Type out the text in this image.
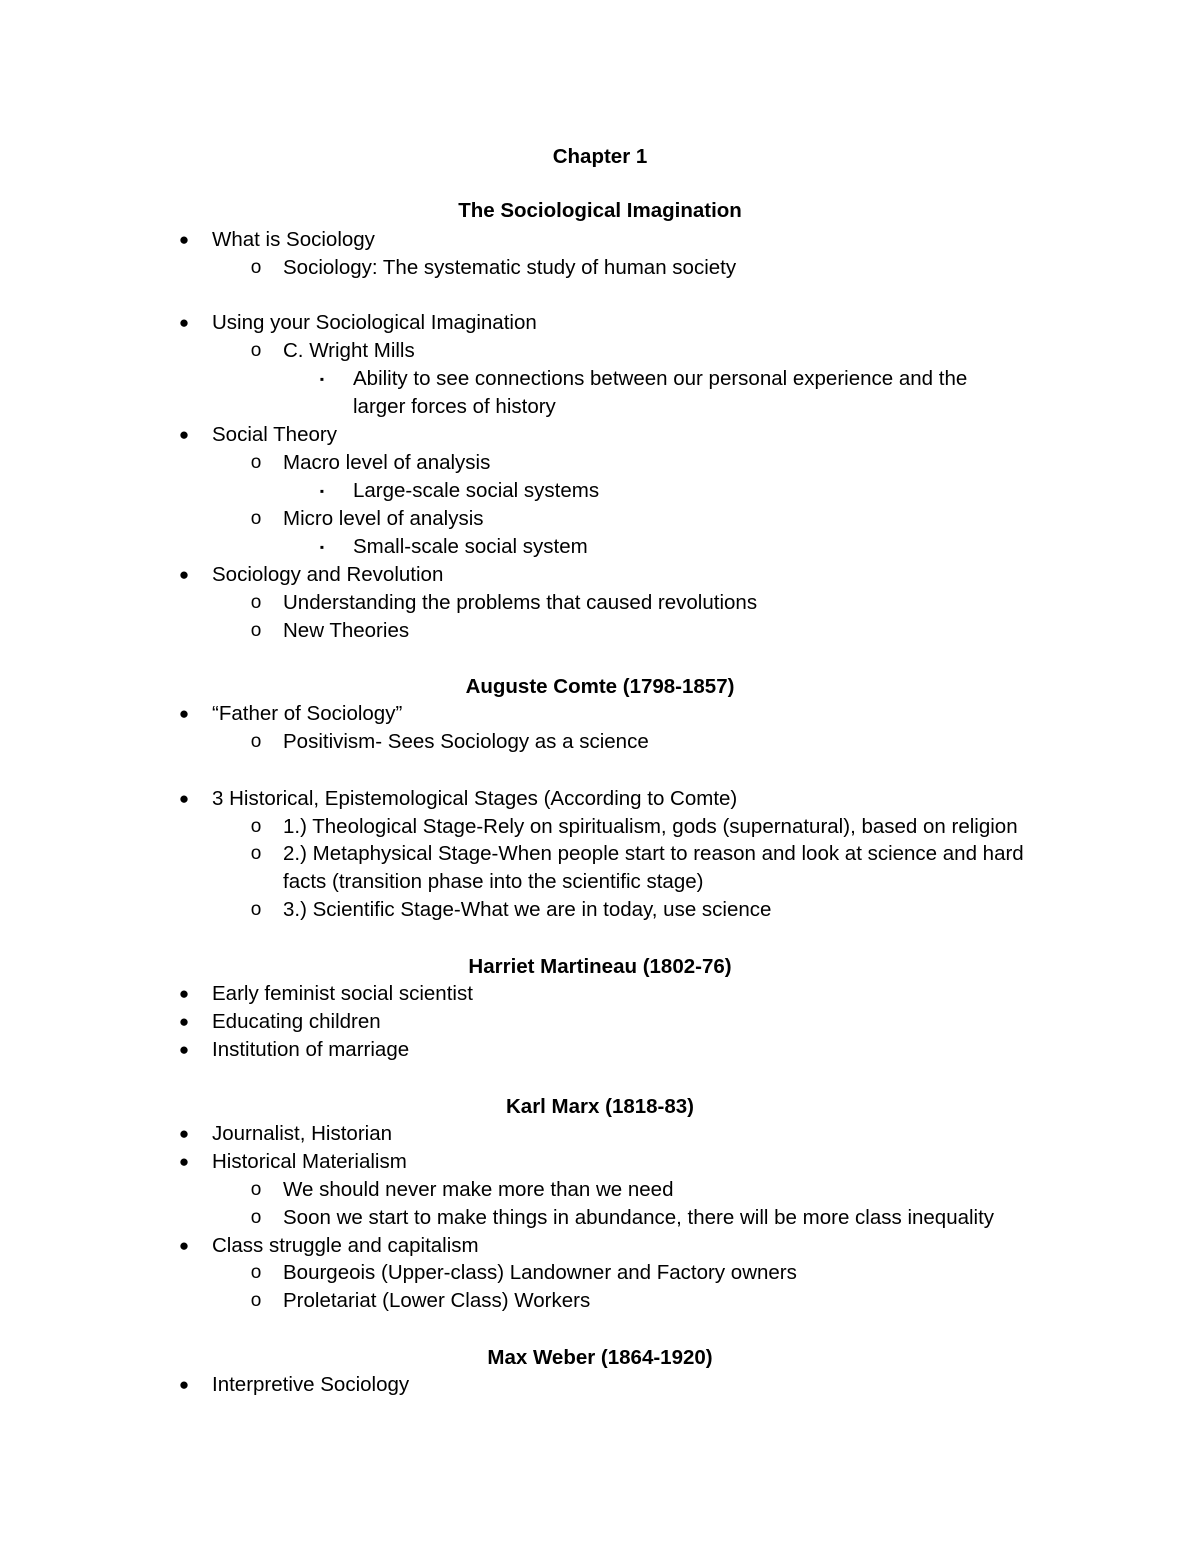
Chapter 1
The Sociological Imagination
● What is Sociology
o Sociology: The systematic study of human society
● Using your Sociological Imagination
o C. Wright Mills
▪	Ability to see connections between our personal experience and the
larger forces of history
● Social Theory
o Macro level of analysis
▪	Large-scale social systems
o Micro level of analysis
▪	Small-scale social system
● Sociology and Revolution
o Understanding the problems that caused revolutions
o New Theories
Auguste Comte (1798-1857)
● “Father of Sociology”
o Positivism- Sees Sociology as a science
● 3 Historical, Epistemological Stages (According to Comte)
o 1.) Theological Stage-Rely on spiritualism, gods (supernatural), based on religion
o 2.) Metaphysical Stage-When people start to reason and look at science and hard
facts (transition phase into the scientific stage)
o 3.) Scientific Stage-What we are in today, use science
Harriet Martineau (1802-76)
● Early feminist social scientist
● Educating children
● Institution of marriage
Karl Marx (1818-83)
● Journalist, Historian
● Historical Materialism
o We should never make more than we need
o Soon we start to make things in abundance, there will be more class inequality
● Class struggle and capitalism
o Bourgeois (Upper-class) Landowner and Factory owners
o Proletariat (Lower Class) Workers
Max Weber (1864-1920)
● Interpretive Sociology
